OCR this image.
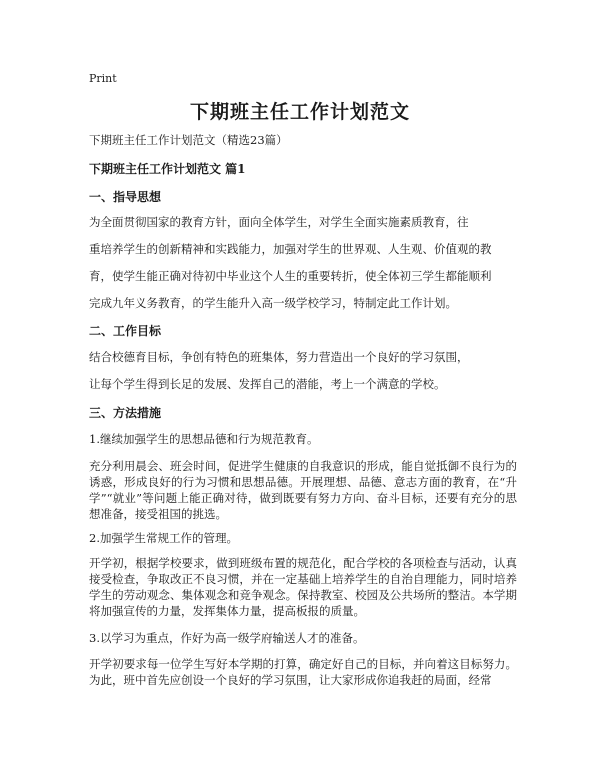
Print
下期班主任工作计划范文
下期班主任工作计划范文（精选23篇）
下期班主任工作计划范文 篇1
一、指导思想
为全面贯彻国家的教育方针，面向全体学生，对学生全面实施素质教育，往
重培养学生的创新精神和实践能力，加强对学生的世界观、人生观、价值观的教
育，使学生能正确对待初中毕业这个人生的重要转折，使全体初三学生都能顺利
完成九年义务教育，的学生能升入高一级学校学习，特制定此工作计划。
二、工作目标
结合校德育目标，争创有特色的班集体，努力营造出一个良好的学习氛围，
让每个学生得到长足的发展、发挥自己的潜能，考上一个满意的学校。
三、方法措施
1.继续加强学生的思想品德和行为规范教育。
充分利用晨会、班会时间，促进学生健康的自我意识的形成，能自觉抵御不良行为的诱惑，形成良好的行为习惯和思想品德。开展理想、品德、意志方面的教育，在“升学”“就业”等问题上能正确对待，做到既要有努力方向、奋斗目标，还要有充分的思想准备，接受祖国的挑选。
2.加强学生常规工作的管理。
开学初，根据学校要求，做到班级布置的规范化，配合学校的各项检查与活动，认真接受检查，争取改正不良习惯，并在一定基础上培养学生的自治自理能力，同时培养学生的劳动观念、集体观念和竞争观念。保持教室、校园及公共场所的整洁。本学期将加强宣传的力量，发挥集体力量，提高板报的质量。
3.以学习为重点，作好为高一级学府输送人才的准备。
开学初要求每一位学生写好本学期的打算，确定好自己的目标，并向着这目标努力。为此，班中首先应创设一个良好的学习氛围，让大家形成你追我赶的局面，经常
